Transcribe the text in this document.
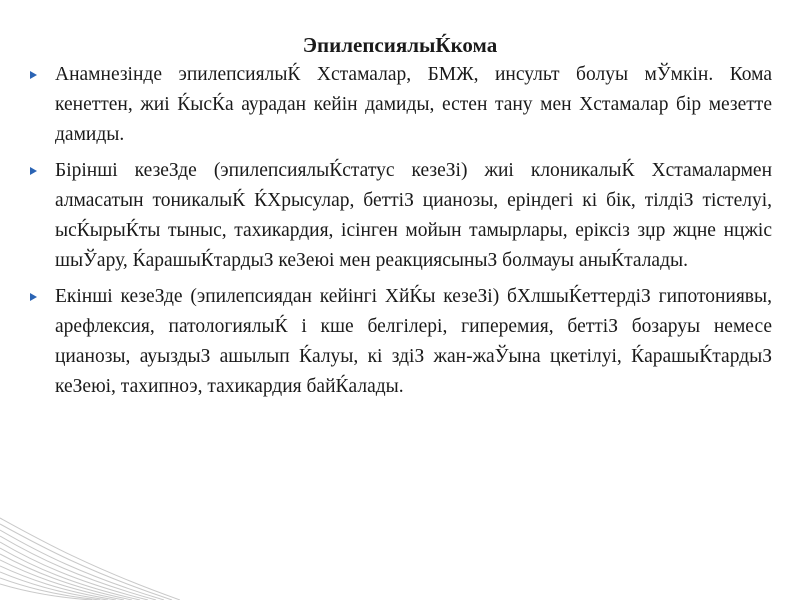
ЭпилепсиялыЌкома
Анамнезінде эпилепсиялыЌ Хстамалар, БМЖ, инсульт болуы мЎмкін. Кома кенеттен, жиі ЌысЌа аурадан кейін дамиды, естен тану мен Хстамалар бір мезетте дамиды.
Бірінші кезеЗде (эпилепсиялыЌстатус кезеЗі) жиі клоникалыЌ Хстамалармен алмасатын тоникалыЌ ЌХрысулар, беттіЗ цианозы, еріндегі кі бік, тілдіЗ тістелуі, ысЌырыЌты тыныс, тахикардия, ісінген мойын тамырлары, еріксіз зџр жцне нцжіс шыЎару, ЌарашыЌтардыЗ кеЗеюі мен реакциясыныЗ болмауы аныЌталады.
Екінші кезеЗде (эпилепсиядан кейінгі ХйЌы кезеЗі) бХлшыЌеттердіЗ гипотониявы, арефлексия, патологиялыЌ і кше белгілері, гиперемия, беттіЗ бозаруы немесе цианозы, ауыздыЗ ашылып Ќалуы, кі здіЗ жан-жаЎына цкетілуі, ЌарашыЌтардыЗ кеЗеюі, тахипноэ, тахикардия байЌалады.
